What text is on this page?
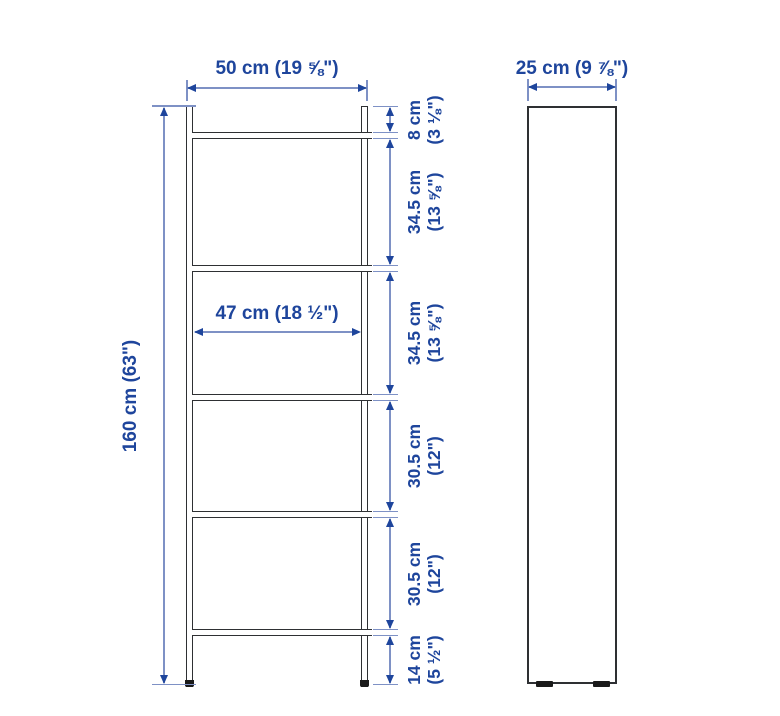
50 cm (19 ⅝")
160 cm (63")
47 cm (18 ½")
8 cm (3 ⅛")
34.5 cm (13 ⅝")
34.5 cm (13 ⅝")
30.5 cm (12")
30.5 cm (12")
14 cm (5 ½")
25 cm (9 ⅞")
